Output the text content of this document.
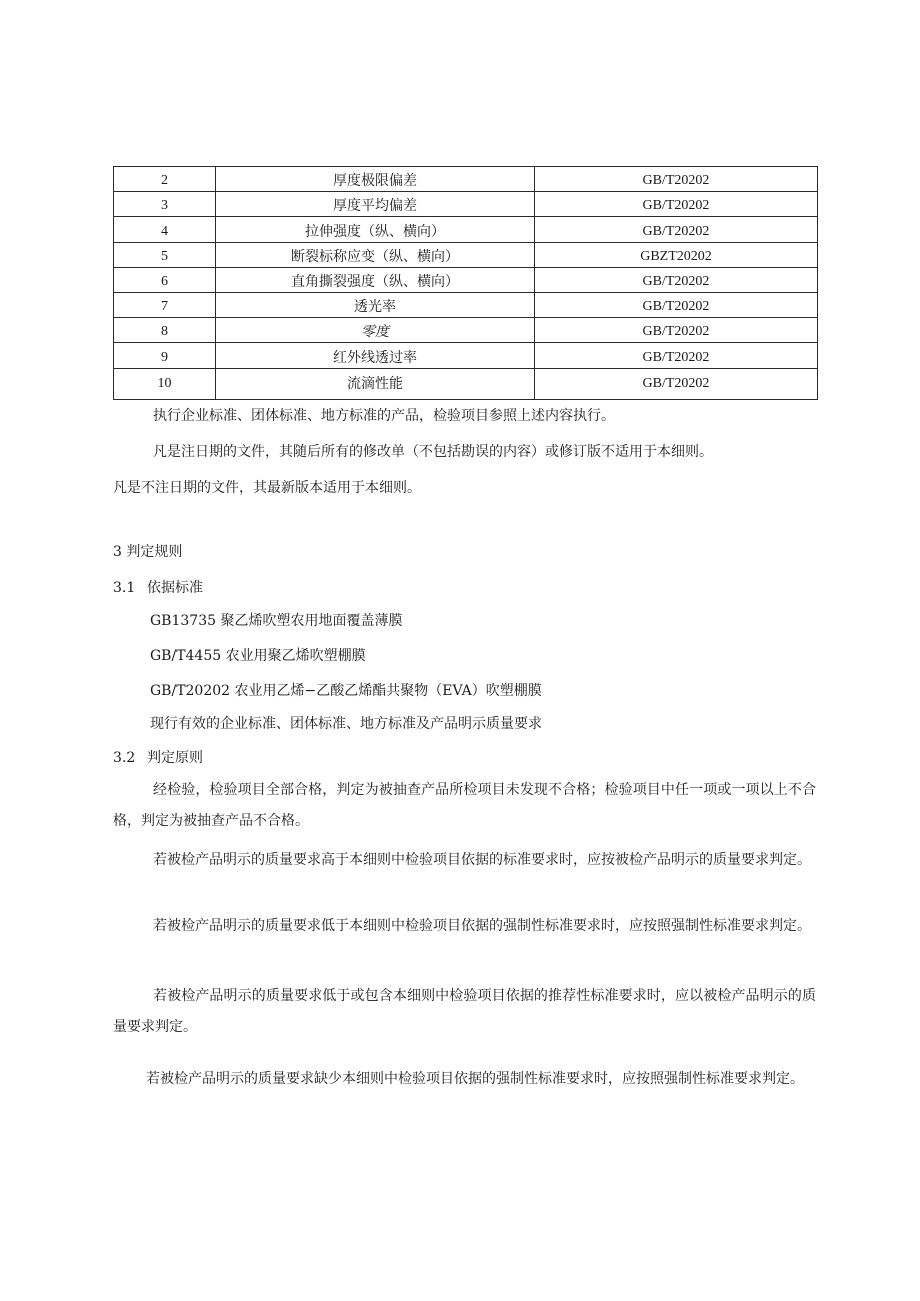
2	厚度极限偏差	GB/T20202
3	厚度平均偏差	GB/T20202
4	拉伸强度（纵、横向）	GB/T20202
5	断裂标称应变（纵、横向）	GBZT20202
6	直角撕裂强度（纵、横向）	GB/T20202
7	透光率	GB/T20202
8	零度	GB/T20202
9	红外线透过率	GB/T20202
10	流滴性能	GB/T20202
执行企业标准、团体标准、地方标准的产品，检验项目参照上述内容执行。
凡是注日期的文件，其随后所有的修改单（不包括勘误的内容）或修订版不适用于本细则。
凡是不注日期的文件，其最新版本适用于本细则。
3 判定规则
3.1 依据标准
GB13735 聚乙烯吹塑农用地面覆盖薄膜
GB/T4455 农业用聚乙烯吹塑棚膜
GB/T20202 农业用乙烯−乙酸乙烯酯共聚物（EVA）吹塑棚膜
现行有效的企业标准、团体标准、地方标准及产品明示质量要求
3.2 判定原则
经检验，检验项目全部合格，判定为被抽查产品所检项目未发现不合格；检验项目中任一项或一项以上不合格，判定为被抽查产品不合格。
若被检产品明示的质量要求高于本细则中检验项目依据的标准要求时，应按被检产品明示的质量要求判定。
若被检产品明示的质量要求低于本细则中检验项目依据的强制性标准要求时，应按照强制性标准要求判定。
若被检产品明示的质量要求低于或包含本细则中检验项目依据的推荐性标准要求时，应以被检产品明示的质量要求判定。
若被检产品明示的质量要求缺少本细则中检验项目依据的强制性标准要求时，应按照强制性标准要求判定。
